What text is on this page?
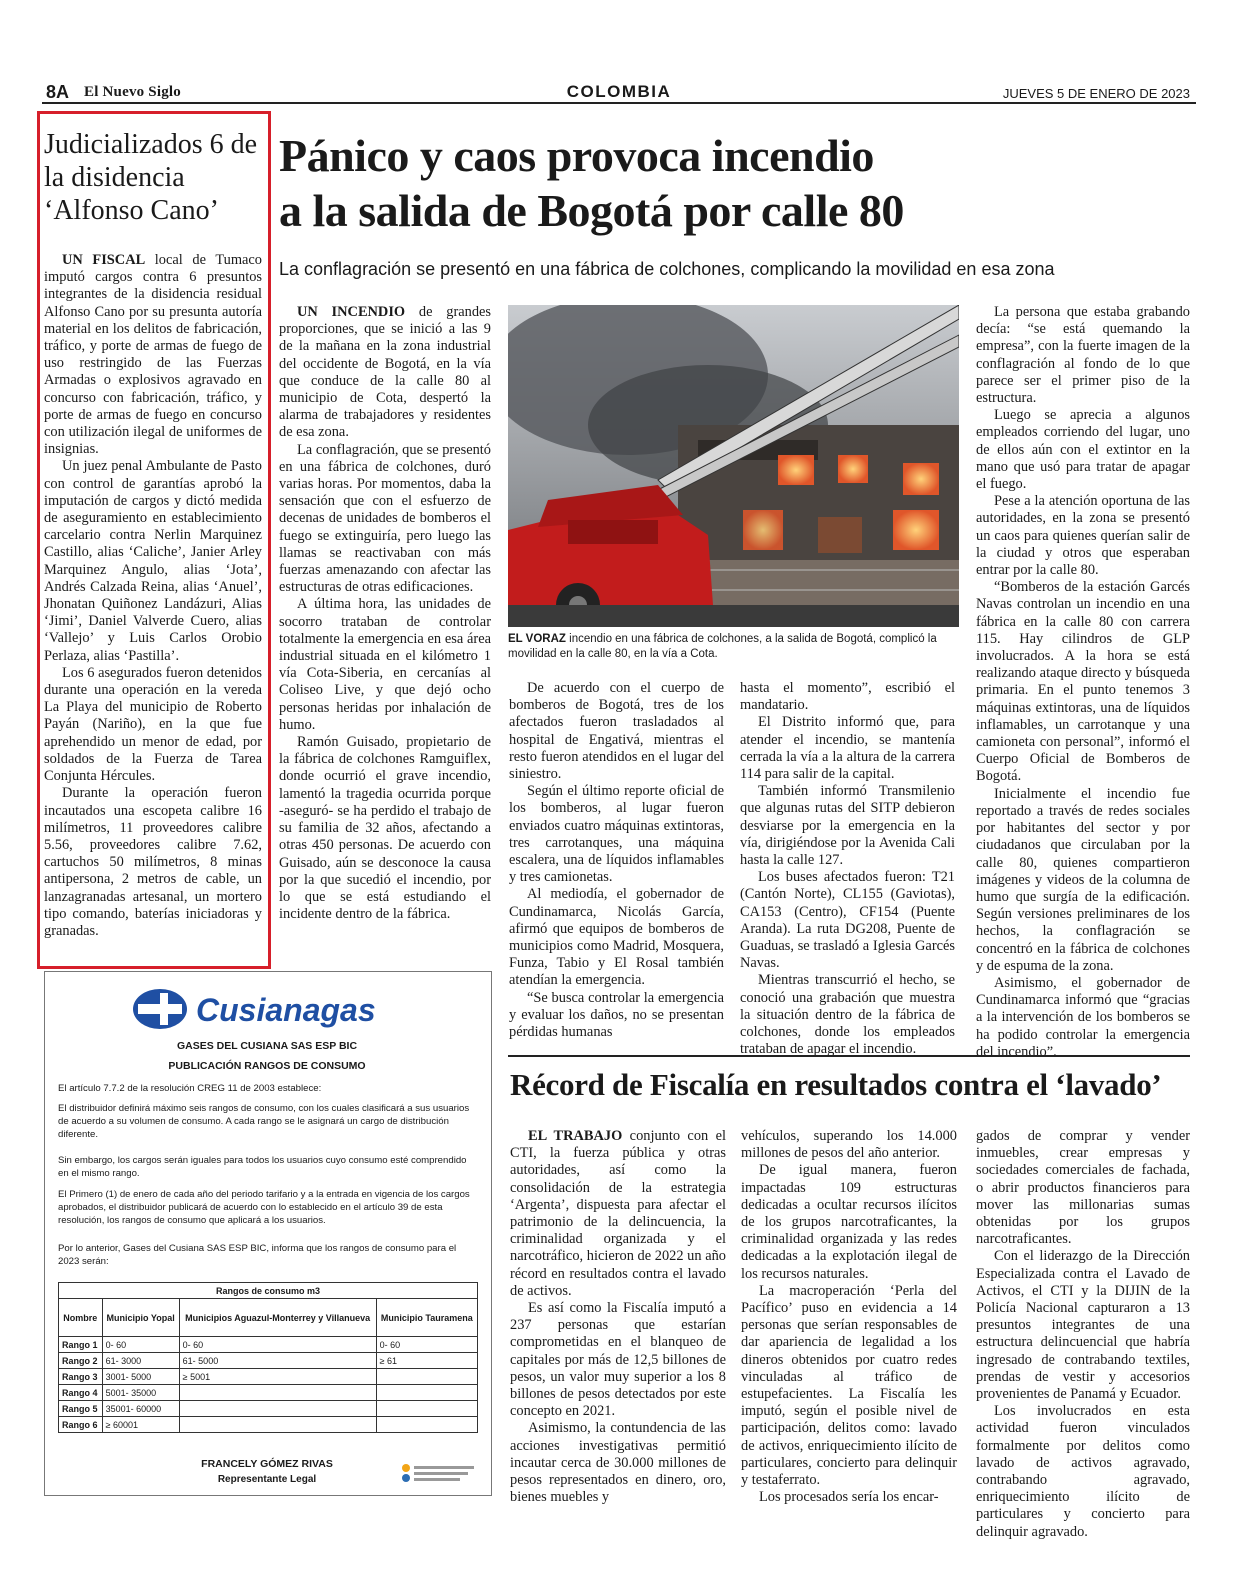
8A El Nuevo Siglo	COLOMBIA	JUEVES 5 DE ENERO DE 2023
Judicializados 6 de la disidencia ‘Alfonso Cano’

UN FISCAL local de Tumaco imputó cargos contra 6 presuntos integrantes de la disidencia residual Alfonso Cano por su presunta autoría material en los delitos de fabricación, tráfico, y porte de armas de fuego de uso restringido de las Fuerzas Armadas o explosivos agravado en concurso con fabricación, tráfico, y porte de armas de fuego en concurso con utilización ilegal de uniformes de insignias.

Un juez penal Ambulante de Pasto con control de garantías aprobó la imputación de cargos y dictó medida de aseguramiento en establecimiento carcelario contra Nerlin Marquinez Castillo, alias ‘Caliche’, Janier Arley Marquinez Angulo, alias ‘Jota’, Andrés Calzada Reina, alias ‘Anuel’, Jhonatan Quiñonez Landázuri, Alias ‘Jimi’, Daniel Valverde Cuero, alias ‘Vallejo’ y Luis Carlos Orobio Perlaza, alias ‘Pastilla’.

Los 6 asegurados fueron detenidos durante una operación en la vereda La Playa del municipio de Roberto Payán (Nariño), en la que fue aprehendido un menor de edad, por soldados de la Fuerza de Tarea Conjunta Hércules.

Durante la operación fueron incautados una escopeta calibre 16 milímetros, 11 proveedores calibre 5.56, proveedores calibre 7.62, cartuchos 50 milímetros, 8 minas antipersona, 2 metros de cable, un lanzagranadas artesanal, un mortero tipo comando, baterías iniciadoras y granadas.

Pánico y caos provoca incendio
a la salida de Bogotá por calle 80
La conflagración se presentó en una fábrica de colchones, complicando la movilidad en esa zona

UN INCENDIO de grandes proporciones, que se inició a las 9 de la mañana en la zona industrial del occidente de Bogotá, en la vía que conduce de la calle 80 al municipio de Cota, despertó la alarma de trabajadores y residentes de esa zona.

La conflagración, que se presentó en una fábrica de colchones, duró varias horas. Por momentos, daba la sensación que con el esfuerzo de decenas de unidades de bomberos el fuego se extinguiría, pero luego las llamas se reactivaban con más fuerzas amenazando con afectar las estructuras de otras edificaciones.

A última hora, las unidades de socorro trataban de controlar totalmente la emergencia en esa área industrial situada en el kilómetro 1 vía Cota-Siberia, en cercanías al Coliseo Live, y que dejó ocho personas heridas por inhalación de humo.

Ramón Guisado, propietario de la fábrica de colchones Ramguiflex, donde ocurrió el grave incendio, lamentó la tragedia ocurrida porque -aseguró- se ha perdido el trabajo de su familia de 32 años, afectando a otras 450 personas. De acuerdo con Guisado, aún se desconoce la causa por la que sucedió el incendio, por lo que se está estudiando el incidente dentro de la fábrica.

EL VORAZ incendio en una fábrica de colchones, a la salida de Bogotá, complicó la movilidad en la calle 80, en la vía a Cota.

De acuerdo con el cuerpo de bomberos de Bogotá, tres de los afectados fueron trasladados al hospital de Engativá, mientras el resto fueron atendidos en el lugar del siniestro.

Según el último reporte oficial de los bomberos, al lugar fueron enviados cuatro máquinas extintoras, tres carrotanques, una máquina escalera, una de líquidos inflamables y tres camionetas.

Al mediodía, el gobernador de Cundinamarca, Nicolás García, afirmó que equipos de bomberos de municipios como Madrid, Mosquera, Funza, Tabio y El Rosal también atendían la emergencia.

“Se busca controlar la emergencia y evaluar los daños, no se presentan pérdidas humanas

hasta el momento”, escribió el mandatario.

El Distrito informó que, para atender el incendio, se mantenía cerrada la vía a la altura de la carrera 114 para salir de la capital.

También informó Transmilenio que algunas rutas del SITP debieron desviarse por la emergencia en la vía, dirigiéndose por la Avenida Cali hasta la calle 127.

Los buses afectados fueron: T21 (Cantón Norte), CL155 (Gaviotas), CA153 (Centro), CF154 (Puente Aranda). La ruta DG208, Puente de Guaduas, se trasladó a Iglesia Garcés Navas.

Mientras transcurrió el hecho, se conoció una grabación que muestra la situación dentro de la fábrica de colchones, donde los empleados trataban de apagar el incendio.

La persona que estaba grabando decía: “se está quemando la empresa”, con la fuerte imagen de la conflagración al fondo de lo que parece ser el primer piso de la estructura.

Luego se aprecia a algunos empleados corriendo del lugar, uno de ellos aún con el extintor en la mano que usó para tratar de apagar el fuego.

Pese a la atención oportuna de las autoridades, en la zona se presentó un caos para quienes querían salir de la ciudad y otros que esperaban entrar por la calle 80.

“Bomberos de la estación Garcés Navas controlan un incendio en una fábrica en la calle 80 con carrera 115. Hay cilindros de GLP involucrados. A la hora se está realizando ataque directo y búsqueda primaria. En el punto tenemos 3 máquinas extintoras, una de líquidos inflamables, un carrotanque y una camioneta con personal”, informó el Cuerpo Oficial de Bomberos de Bogotá.

Inicialmente el incendio fue reportado a través de redes sociales por habitantes del sector y por ciudadanos que circulaban por la calle 80, quienes compartieron imágenes y videos de la columna de humo que surgía de la edificación. Según versiones preliminares de los hechos, la conflagración se concentró en la fábrica de colchones y de espuma de la zona.

Asimismo, el gobernador de Cundinamarca informó que “gracias a la intervención de los bomberos se ha podido controlar la emergencia del incendio”.

Récord de Fiscalía en resultados contra el ‘lavado’

EL TRABAJO conjunto con el CTI, la fuerza pública y otras autoridades, así como la consolidación de la estrategia ‘Argenta’, dispuesta para afectar el patrimonio de la delincuencia, la criminalidad organizada y el narcotráfico, hicieron de 2022 un año récord en resultados contra el lavado de activos.

Es así como la Fiscalía imputó a 237 personas que estarían comprometidas en el blanqueo de capitales por más de 12,5 billones de pesos, un valor muy superior a los 8 billones de pesos detectados por este concepto en 2021.

Asimismo, la contundencia de las acciones investigativas permitió incautar cerca de 30.000 millones de pesos representados en dinero, oro, bienes muebles y

vehículos, superando los 14.000 millones de pesos del año anterior.

De igual manera, fueron impactadas 109 estructuras dedicadas a ocultar recursos ilícitos de los grupos narcotraficantes, la criminalidad organizada y las redes dedicadas a la explotación ilegal de los recursos naturales.

La macroperación ‘Perla del Pacífico’ puso en evidencia a 14 personas que serían responsables de dar apariencia de legalidad a los dineros obtenidos por cuatro redes vinculadas al tráfico de estupefacientes. La Fiscalía les imputó, según el posible nivel de participación, delitos como: lavado de activos, enriquecimiento ilícito de particulares, concierto para delinquir y testaferrato.

Los procesados sería los encar-

gados de comprar y vender inmuebles, crear empresas y sociedades comerciales de fachada, o abrir productos financieros para mover las millonarias sumas obtenidas por los grupos narcotraficantes.

Con el liderazgo de la Dirección Especializada contra el Lavado de Activos, el CTI y la DIJIN de la Policía Nacional capturaron a 13 presuntos integrantes de una estructura delincuencial que habría ingresado de contrabando textiles, prendas de vestir y accesorios provenientes de Panamá y Ecuador.

Los involucrados en esta actividad fueron vinculados formalmente por delitos como lavado de activos agravado, contrabando agravado, enriquecimiento ilícito de particulares y concierto para delinquir agravado.

Cusianagas
GASES DEL CUSIANA SAS ESP BIC
PUBLICACIÓN RANGOS DE CONSUMO
El artículo 7.7.2 de la resolución CREG 11 de 2003 establece:
El distribuidor definirá máximo seis rangos de consumo, con los cuales clasificará a sus usuarios de acuerdo a su volumen de consumo. A cada rango se le asignará un cargo de distribución diferente.
Sin embargo, los cargos serán iguales para todos los usuarios cuyo consumo esté comprendido en el mismo rango.
El Primero (1) de enero de cada año del periodo tarifario y a la entrada en vigencia de los cargos aprobados, el distribuidor publicará de acuerdo con lo establecido en el artículo 39 de esta resolución, los rangos de consumo que aplicará a los usuarios.
Por lo anterior, Gases del Cusiana SAS ESP BIC, informa que los rangos de consumo para el 2023 serán:
Rangos de consumo m3			
Nombre	Municipio Yopal	Municipios Aguazul-Monterrey y Villanueva	Municipio Tauramena
Rango 1	0- 60	0- 60	0- 60
Rango 2	61- 3000	61- 5000	≥ 61
Rango 3	3001- 5000	≥ 5001	
Rango 4	5001- 35000		
Rango 5	35001- 60000		
Rango 6	≥ 60001		
FRANCELY GÓMEZ RIVAS
Representante Legal
